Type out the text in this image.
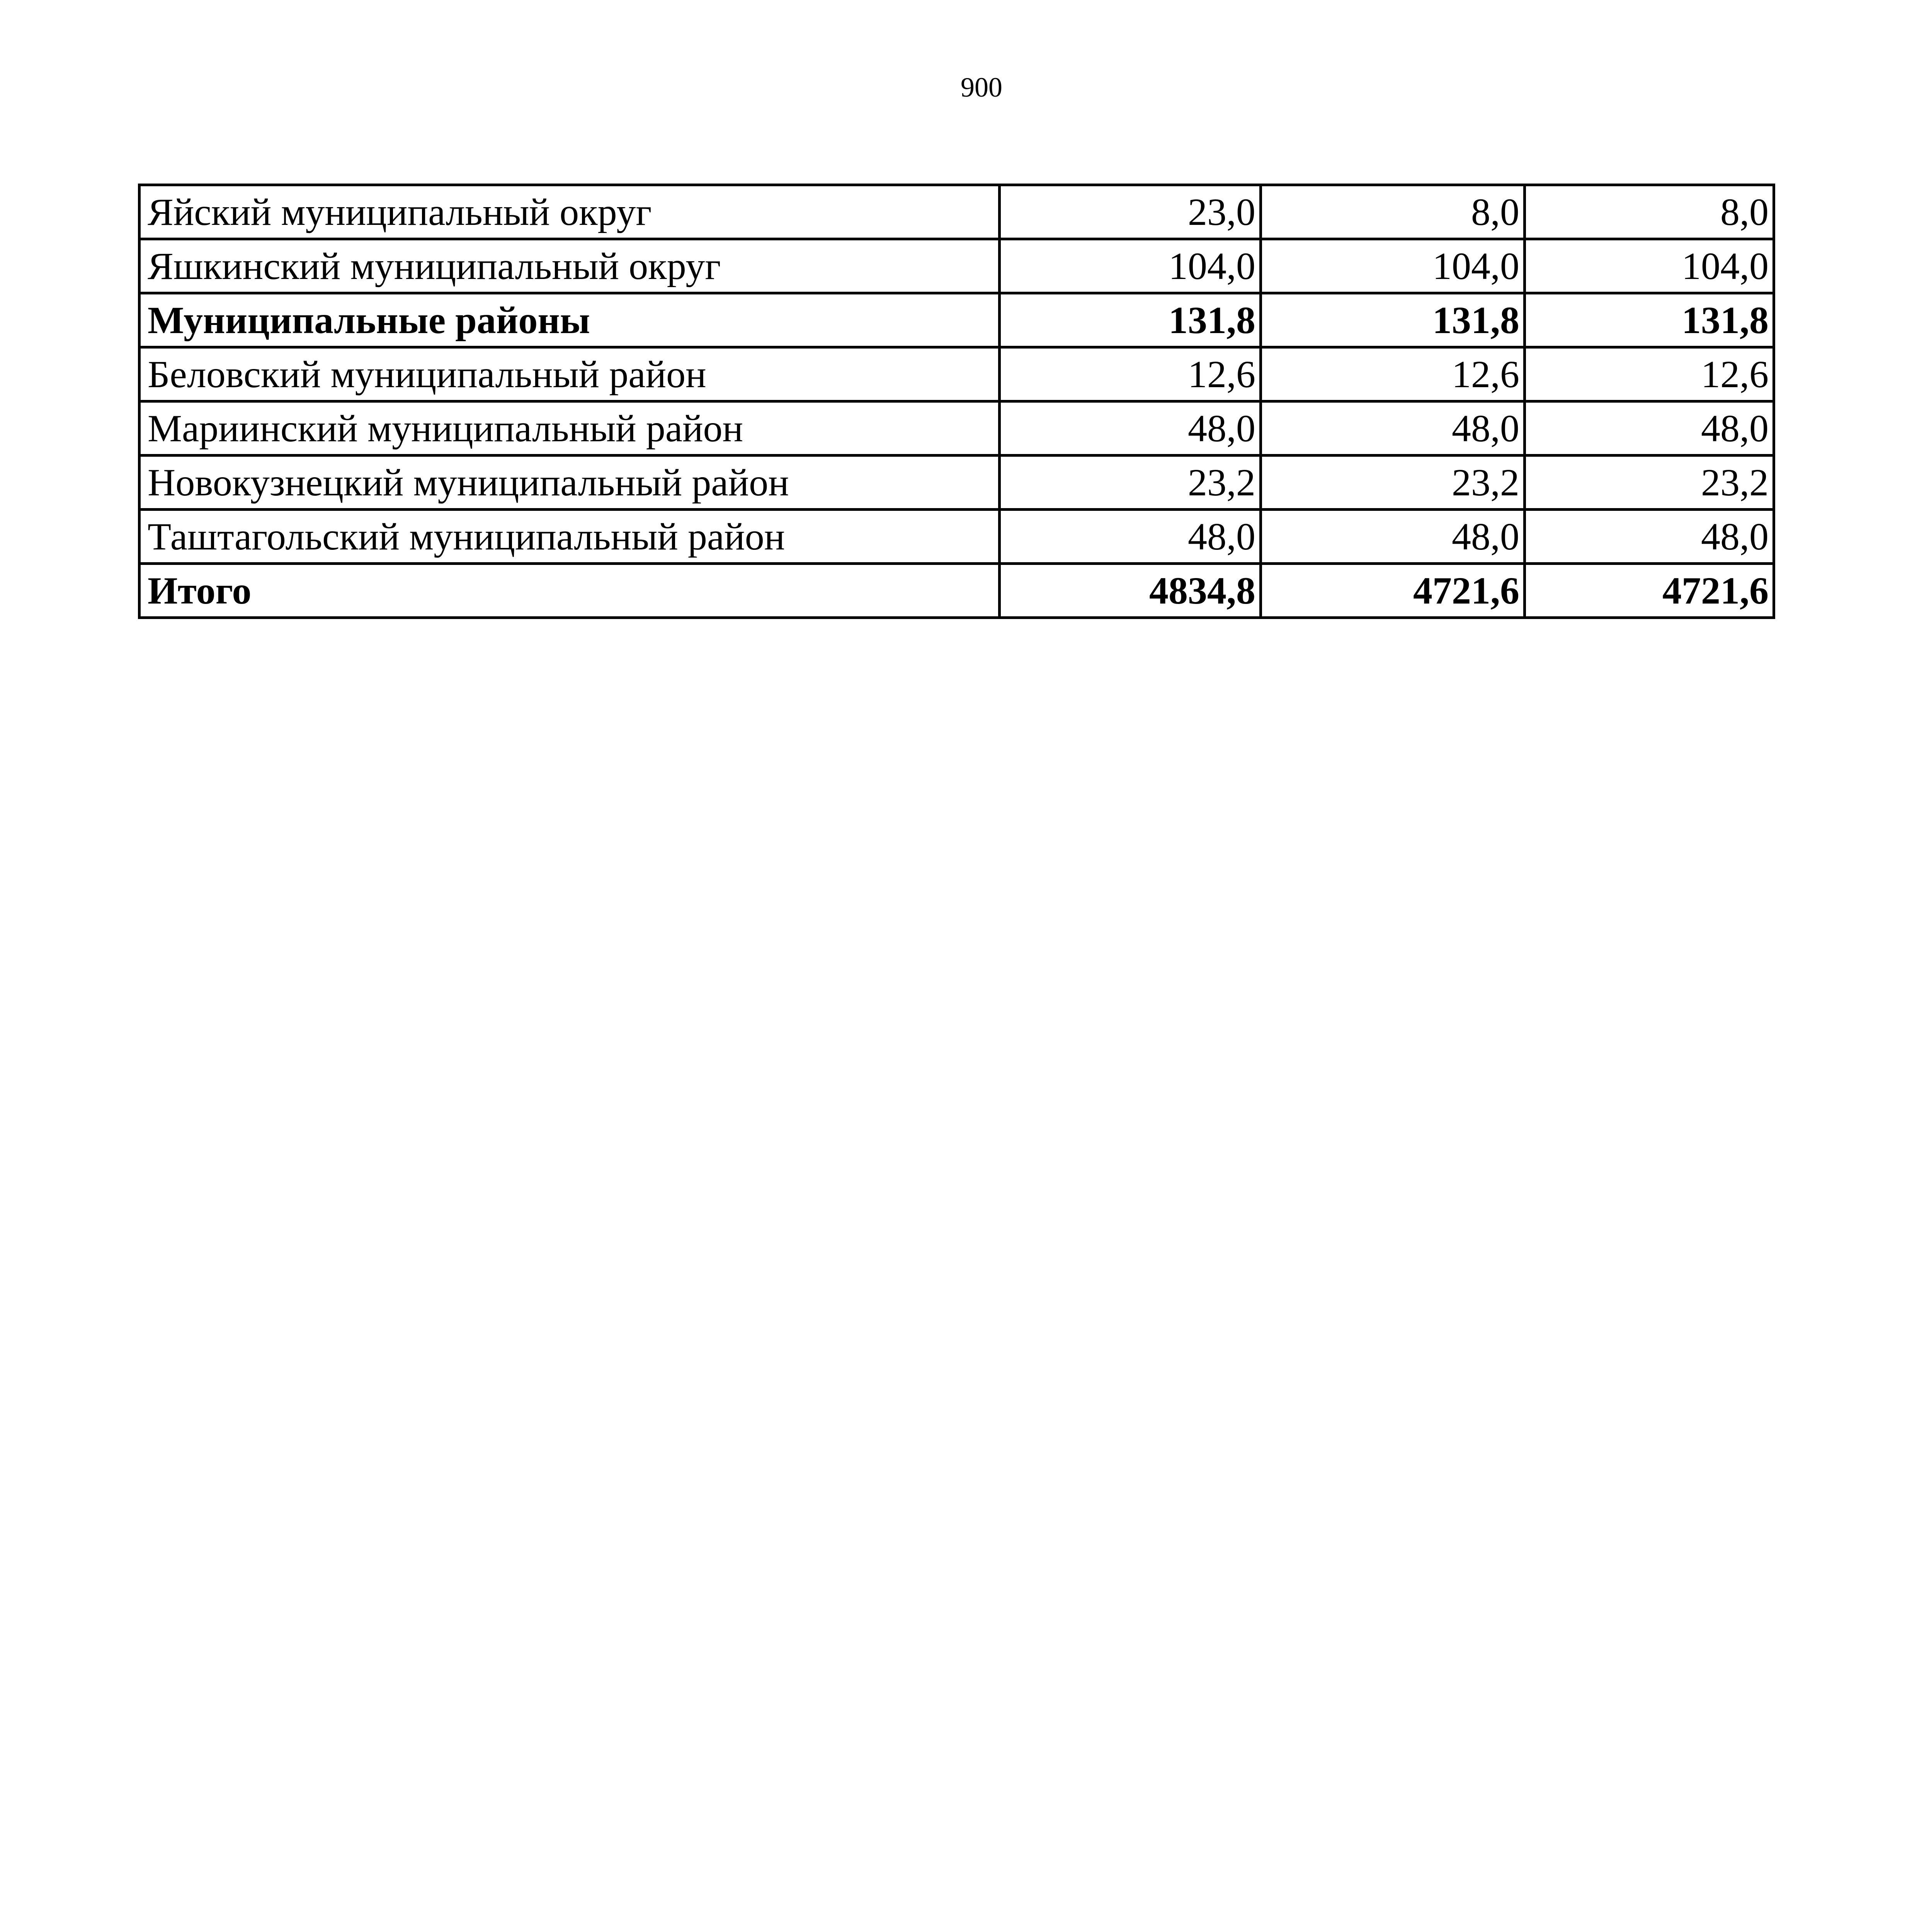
900
Яйский муниципальный округ	23,0	8,0	8,0
Яшкинский муниципальный округ	104,0	104,0	104,0
Муниципальные районы	131,8	131,8	131,8
Беловский муниципальный район	12,6	12,6	12,6
Мариинский муниципальный район	48,0	48,0	48,0
Новокузнецкий муниципальный район	23,2	23,2	23,2
Таштагольский муниципальный район	48,0	48,0	48,0
Итого	4834,8	4721,6	4721,6
